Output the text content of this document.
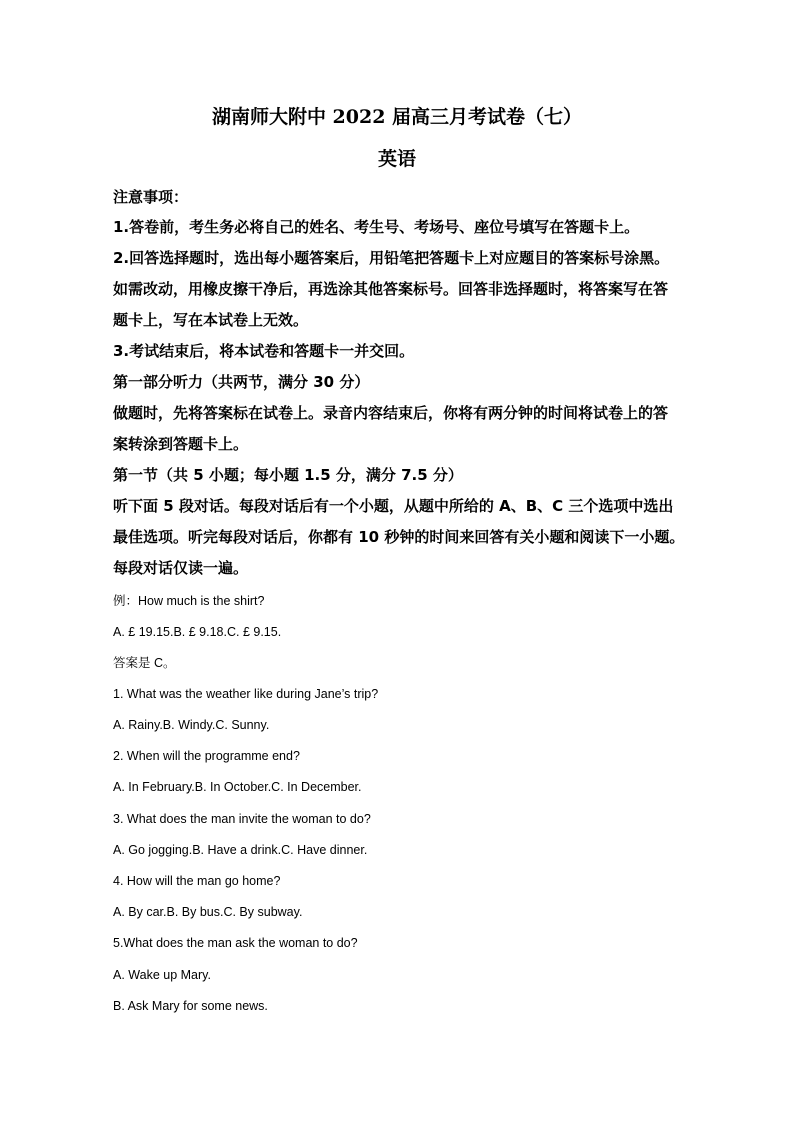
湖南师大附中 2022 届高三月考试卷（七）
英语
注意事项：
1.答卷前，考生务必将自己的姓名、考生号、考场号、座位号填写在答题卡上。
2.回答选择题时，选出每小题答案后，用铅笔把答题卡上对应题目的答案标号涂黑。
如需改动，用橡皮擦干净后，再选涂其他答案标号。回答非选择题时，将答案写在答
题卡上，写在本试卷上无效。
3.考试结束后，将本试卷和答题卡一并交回。
第一部分听力（共两节，满分 30 分）
做题时，先将答案标在试卷上。录音内容结束后，你将有两分钟的时间将试卷上的答
案转涂到答题卡上。
第一节（共 5 小题；每小题 1.5 分，满分 7.5 分）
听下面 5 段对话。每段对话后有一个小题，从题中所给的 A、B、C 三个选项中选出
最佳选项。听完每段对话后，你都有 10 秒钟的时间来回答有关小题和阅读下一小题。
每段对话仅读一遍。
例：How much is the shirt?
A. £ 19.15.B. £ 9.18.C. £ 9.15.
答案是 C。
1. What was the weather like during Jane’s trip?
A. Rainy.B. Windy.C. Sunny.
2. When will the programme end?
A. In February.B. In October.C. In December.
3. What does the man invite the woman to do?
A. Go jogging.B. Have a drink.C. Have dinner.
4. How will the man go home?
A. By car.B. By bus.C. By subway.
5.What does the man ask the woman to do?
A. Wake up Mary.
B. Ask Mary for some news.
